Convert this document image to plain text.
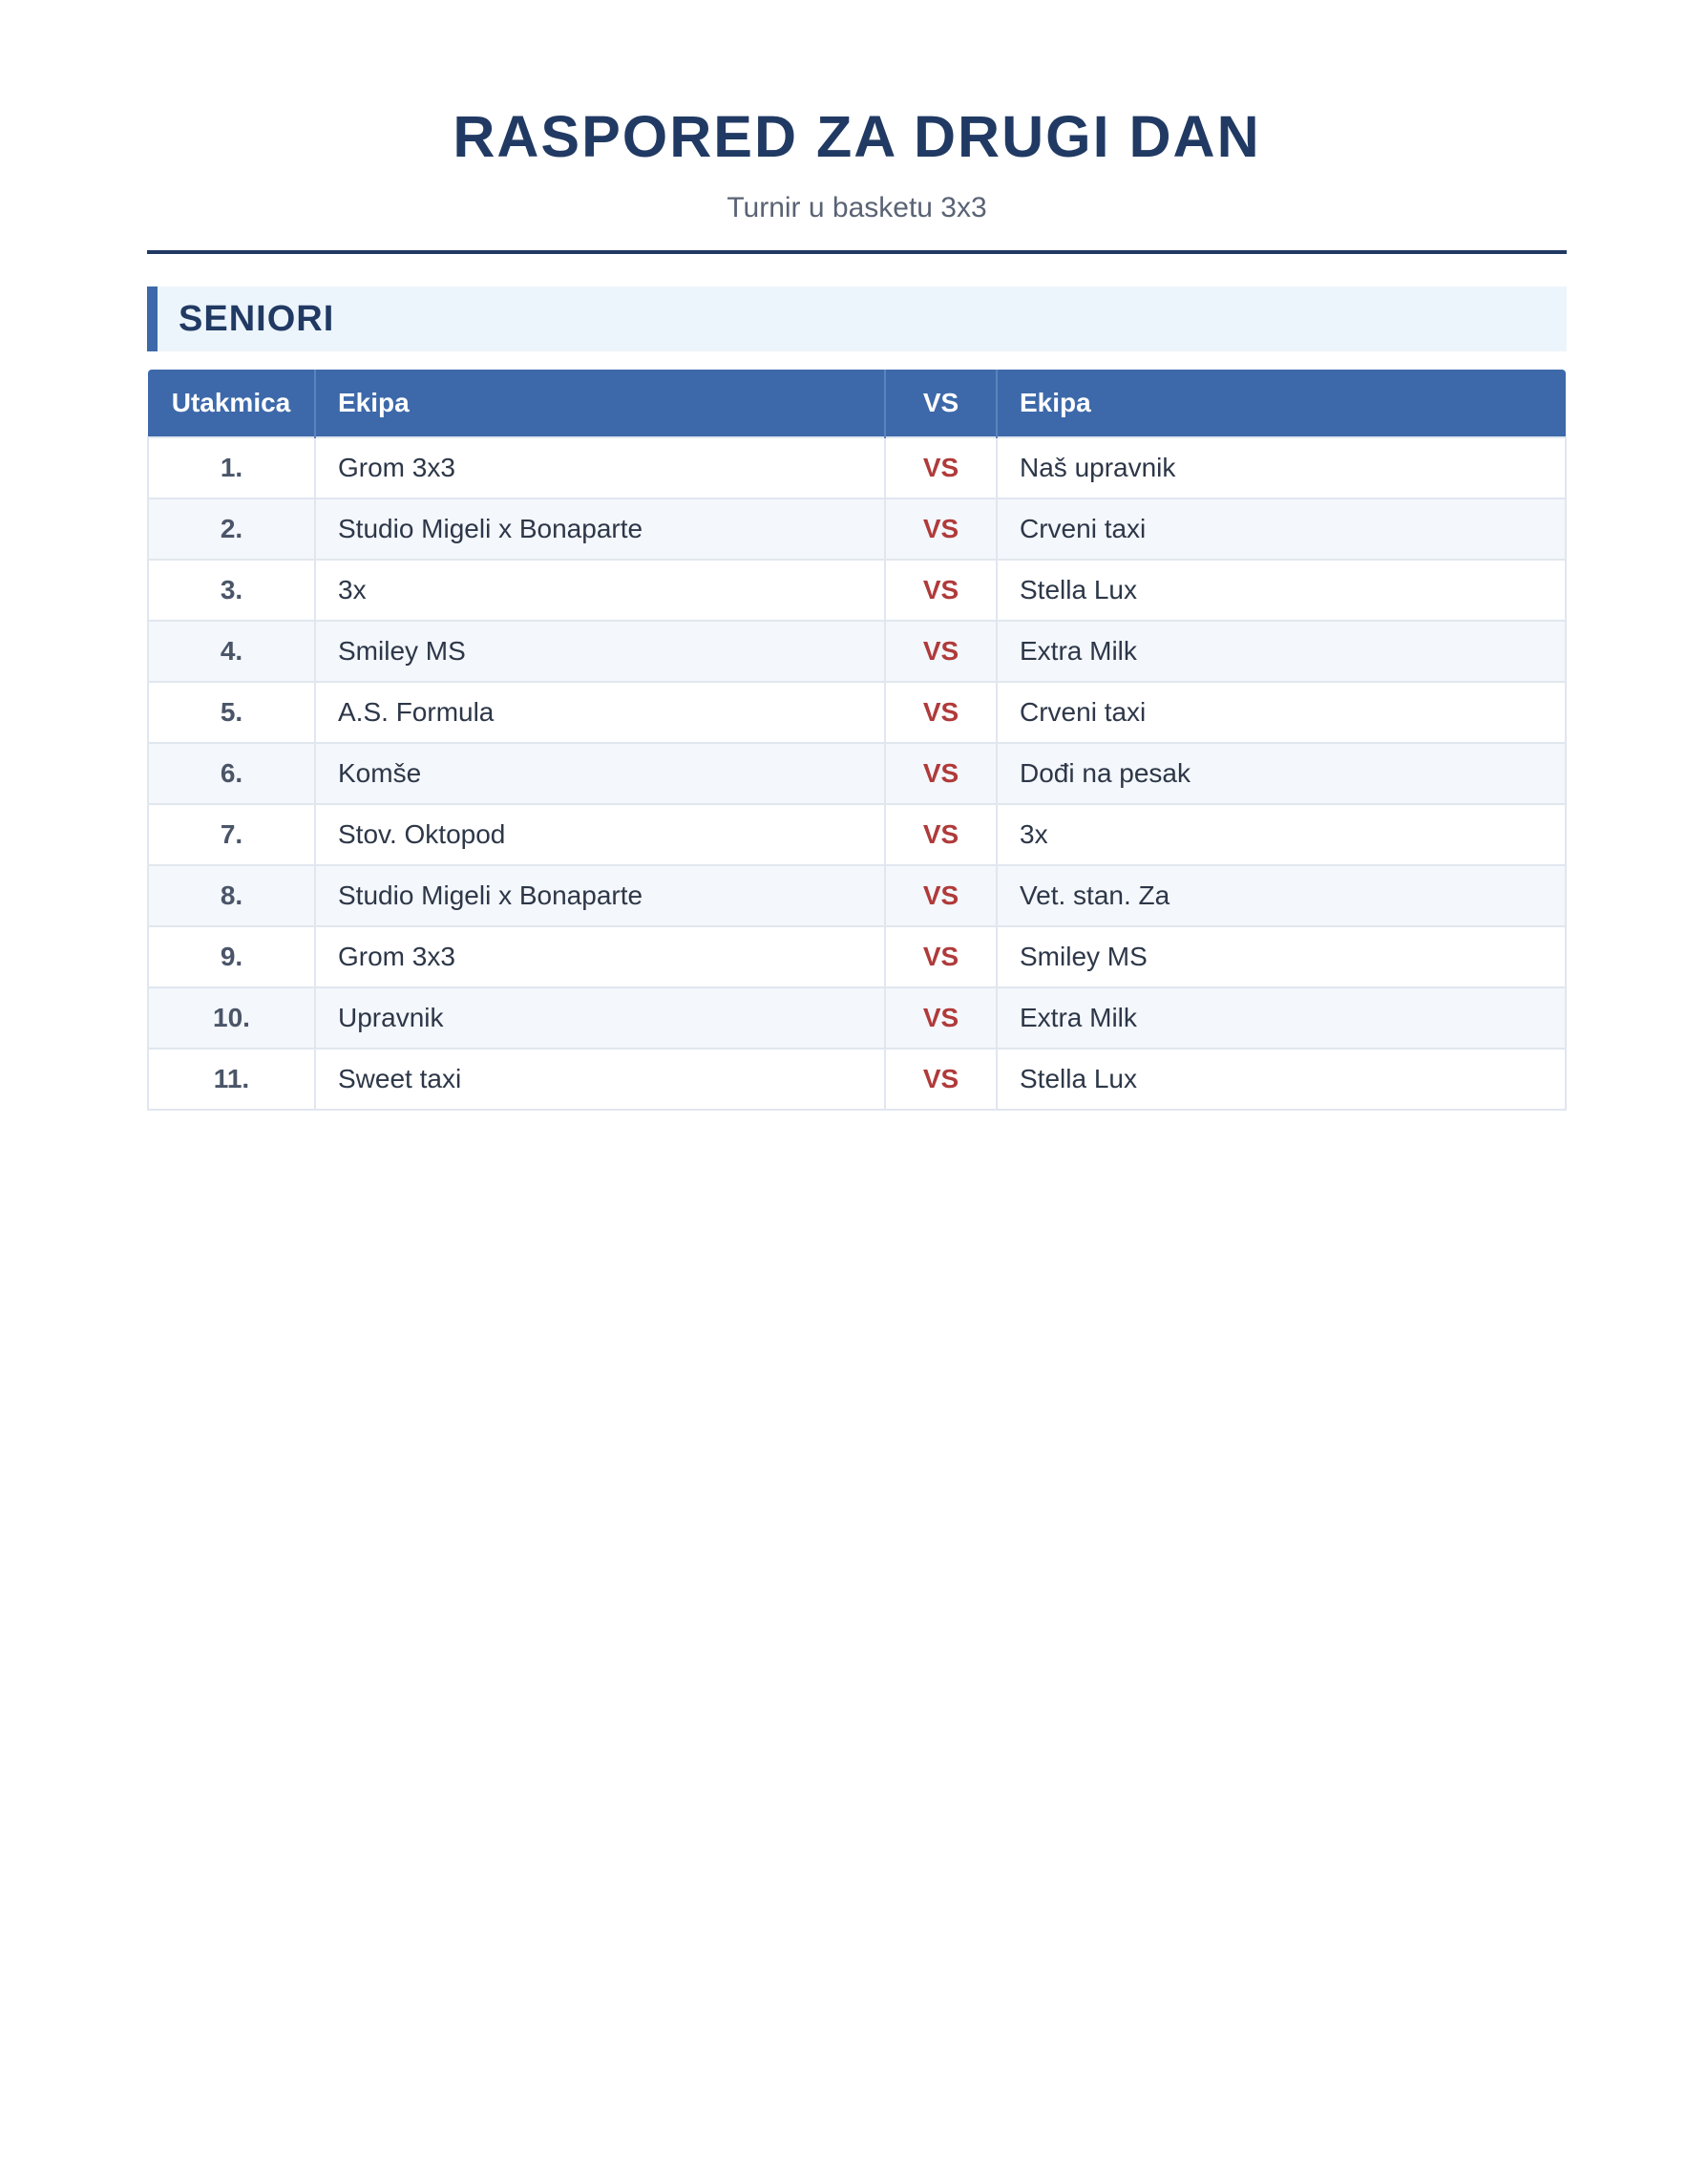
RASPORED ZA DRUGI DAN
Turnir u basketu 3x3
SENIORI
Utakmica	Ekipa	VS	Ekipa
1.	Grom 3x3	VS	Naš upravnik
2.	Studio Migeli x Bonaparte	VS	Crveni taxi
3.	3x	VS	Stella Lux
4.	Smiley MS	VS	Extra Milk
5.	A.S. Formula	VS	Crveni taxi
6.	Komše	VS	Dođi na pesak
7.	Stov. Oktopod	VS	3x
8.	Studio Migeli x Bonaparte	VS	Vet. stan. Za
9.	Grom 3x3	VS	Smiley MS
10.	Upravnik	VS	Extra Milk
11.	Sweet taxi	VS	Stella Lux
